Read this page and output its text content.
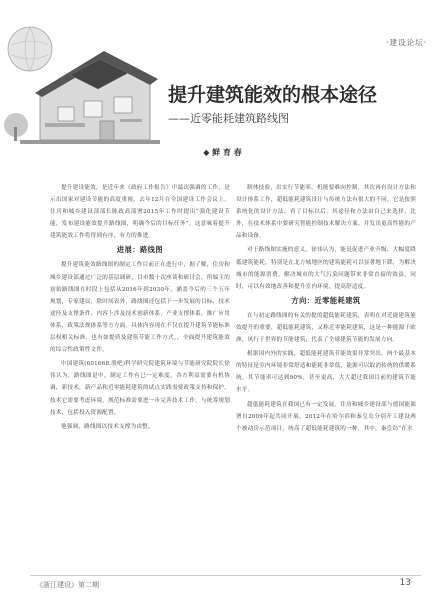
·建设论坛·
提升建筑能效的根本途径
——近零能耗建筑路线图
◆ 鲜 育 春

提升建设能效，是近年来《政府工作报告》中最次强调的工作，是示出国家对建设节能的高度重视。去年12月在全国建设工作会议上，住房和城乡建设部部长陈政高部署2015年工作时提出“强化建设节能，发布建设能效提升路线图，明确今后的目标任务”。这意味着提升建筑能效工作将得到有序，有力的推进。

进展：路线图

提升建筑能效路线图的制定工作目前正在进行中，据了解，住房和城乡建设部通过广泛的基层调研，目市数十次座谈和研讨会，所编主的初始路线图在时段上包括从2016年到2030年，涵盖今后的三个五年规划，专家建议，除时间表外，路线图还包括下一步发展的目标，技术途径及支撑条件，内容上涉及技术创新体系，产业支撑体系，推广应用体系，政策法规体系等方方面。具体内容现在不仅在提升建筑节能标准层权相关标准，也有如提质及建筑节能工作方式。，全面提升建筑能效的综合性政策性文件。

中国建筑(601668.股吧)科学研究院建筑环境与节能研究院院长徐伟认为，路线图是中，制定工作有已一定难度，各方利益需要有机协调，新技术，新产品和近零能耗建筑的试点实践需要政策支持和保护，技术它需要考虑环境，规范标准需要进一步完善技术工作，与统筹规划技术，包括投入资源配置。

他强调，路线图以技术支撑为由整。

制体技验，出实行节能率，机能要难向控制，其次再有设计方法和设计体系工作，超低能耗建筑设计与传统方法有很大的不同，它是按照系统化的设计方法，看了目标以后，其途径和方法由自己来选择，比外，在技术体系中要研究智能控制技术解决方案，并发出更高性能的产品和设备。

对于路线图实施的意义，徐伟认为，能是促进产业升级，大幅度降低建筑能耗，特别是在北方城地区的建筑能耗可以显著地下降，为解决城市的能源消费，解决城市的大气污染问题带来非常直接的效益，同时，可以有效地改善和提升室内环境，提高舒适度。

方向：近零能耗建筑

在与初定路线图的有关的提的超低能耗建筑，表明在对近能建筑能效提升的重要，超低能耗建筑，又称近零能耗建筑，这是一种能源于欧洲，风行于世界的节能建筑，代表了全球建筑节能的发展方向。

根据国内外的实践，超低能耗建筑节能效果非常突出，两个最基本的特征是室内环境非常舒适和能耗非常低，能源可以取消传统的供暖系统，其节能率可达到90%，甚至更高，大大超过我国目前的建筑节能水平。

超低能耗建筑在我国已有一定发展，住房和城乡建设部与德国能源署自2009年起共同开展，2012年在哈尔滨和秦皇岛分别开工建设两个被动房示范项目，统高了超低能耗建筑的一种，其中，秦皇岛“在水

《浙江建设》第二期	13
